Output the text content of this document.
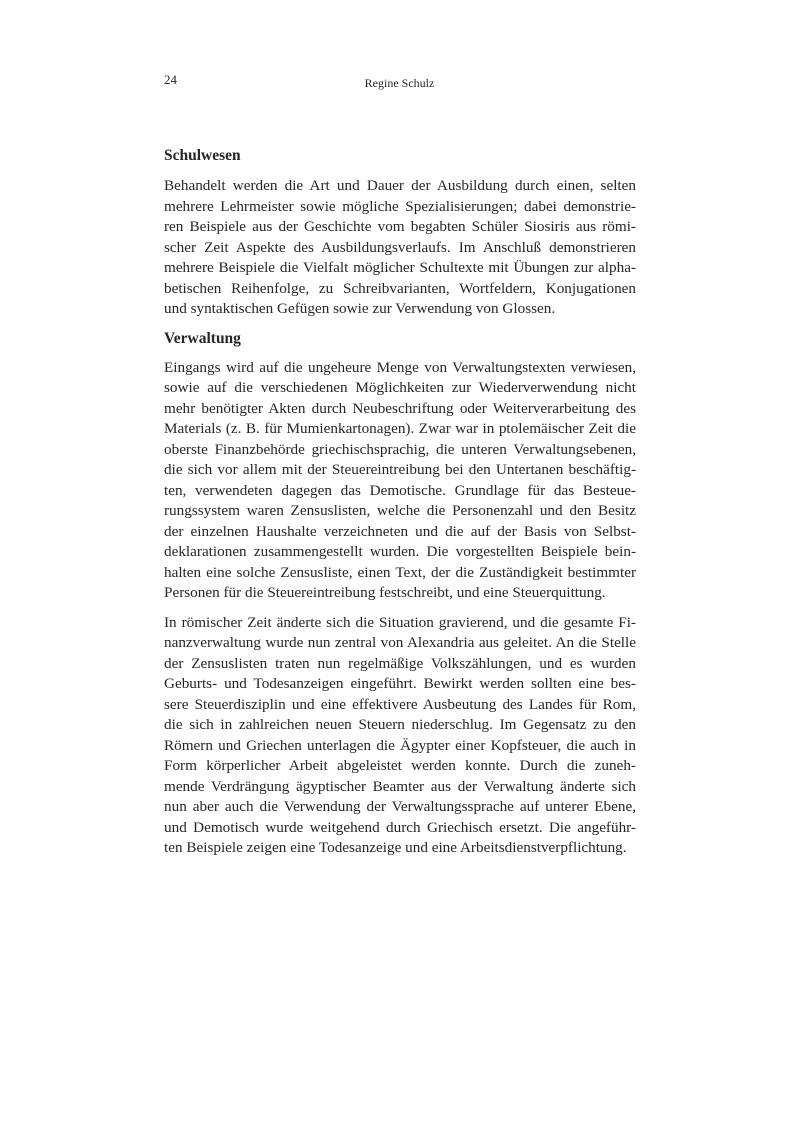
24	Regine Schulz
Schulwesen
Behandelt werden die Art und Dauer der Ausbildung durch einen, selten
mehrere Lehrmeister sowie mögliche Spezialisierungen; dabei demonstrie-
ren Beispiele aus der Geschichte vom begabten Schüler Siosiris aus römi-
scher Zeit Aspekte des Ausbildungsverlaufs. Im Anschluß demonstrieren
mehrere Beispiele die Vielfalt möglicher Schultexte mit Übungen zur alpha-
betischen Reihenfolge, zu Schreibvarianten, Wortfeldern, Konjugationen
und syntaktischen Gefügen sowie zur Verwendung von Glossen.
Verwaltung
Eingangs wird auf die ungeheure Menge von Verwaltungstexten verwiesen,
sowie auf die verschiedenen Möglichkeiten zur Wiederverwendung nicht
mehr benötigter Akten durch Neubeschriftung oder Weiterverarbeitung des
Materials (z. B. für Mumienkartonagen). Zwar war in ptolemäischer Zeit die
oberste Finanzbehörde griechischsprachig, die unteren Verwaltungsebenen,
die sich vor allem mit der Steuereintreibung bei den Untertanen beschäftig-
ten, verwendeten dagegen das Demotische. Grundlage für das Besteue-
rungssystem waren Zensuslisten, welche die Personenzahl und den Besitz
der einzelnen Haushalte verzeichneten und die auf der Basis von Selbst-
deklarationen zusammengestellt wurden. Die vorgestellten Beispiele bein-
halten eine solche Zensusliste, einen Text, der die Zuständigkeit bestimmter
Personen für die Steuereintreibung festschreibt, und eine Steuerquittung.
In römischer Zeit änderte sich die Situation gravierend, und die gesamte Fi-
nanzverwaltung wurde nun zentral von Alexandria aus geleitet. An die Stelle
der Zensuslisten traten nun regelmäßige Volkszählungen, und es wurden
Geburts- und Todesanzeigen eingeführt. Bewirkt werden sollten eine bes-
sere Steuerdisziplin und eine effektivere Ausbeutung des Landes für Rom,
die sich in zahlreichen neuen Steuern niederschlug. Im Gegensatz zu den
Römern und Griechen unterlagen die Ägypter einer Kopfsteuer, die auch in
Form körperlicher Arbeit abgeleistet werden konnte. Durch die zuneh-
mende Verdrängung ägyptischer Beamter aus der Verwaltung änderte sich
nun aber auch die Verwendung der Verwaltungssprache auf unterer Ebene,
und Demotisch wurde weitgehend durch Griechisch ersetzt. Die angeführ-
ten Beispiele zeigen eine Todesanzeige und eine Arbeitsdienstverpflichtung.
